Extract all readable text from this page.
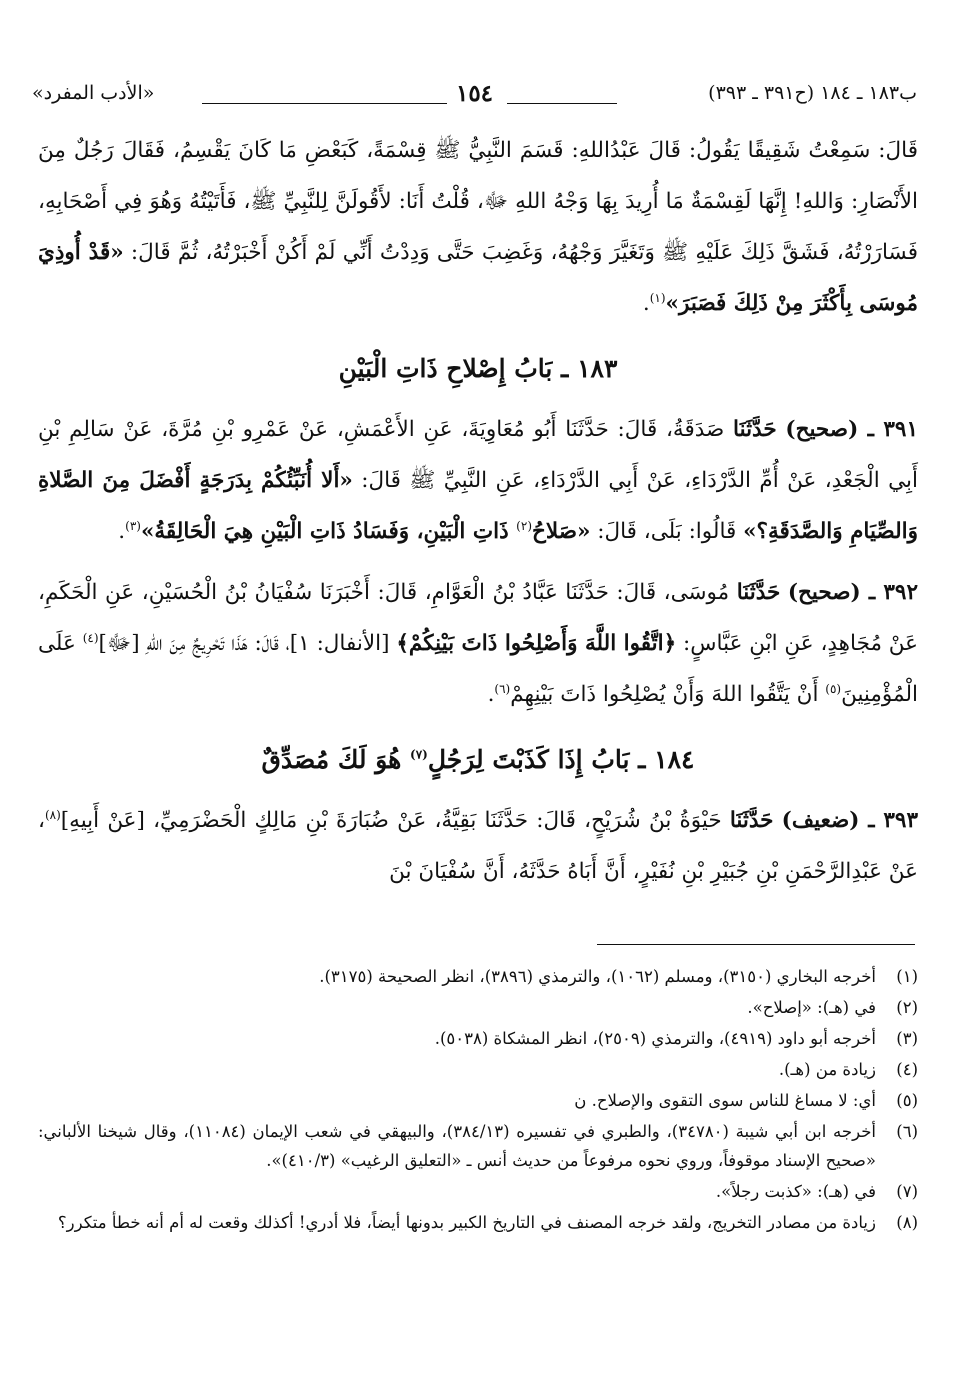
ب۱۸۳ ـ ۱۸٤ (ح۳۹۱ ـ ۳۹۳)
١٥٤
«الأدب المفرد»

قَالَ: سَمِعْتُ شَقِيقًا يَقُولُ: قَالَ عَبْدُاللهِ: قَسَمَ النَّبِيُّ ﷺ قِسْمَةً، كَبَعْضِ مَا كَانَ يَقْسِمُ، فَقَالَ رَجُلٌ مِنَ الأَنْصَارِ: وَاللهِ! إِنَّهَا لَقِسْمَةٌ مَا أُرِيدَ بِهَا وَجْهُ اللهِ ﷻ، قُلْتُ أَنَا: لأَقُولَنَّ لِلنَّبِيِّ ﷺ، فَأَتَيْتُهُ وَهُوَ فِي أَصْحَابِهِ، فَسَارَرْتُهُ، فَشَقَّ ذَلِكَ عَلَيْهِ ﷺ وَتَغَيَّرَ وَجْهُهُ، وَغَضِبَ حَتَّى وَدِدْتُ أَنِّي لَمْ أَكُنْ أَخْبَرْتُهُ، ثُمَّ قَالَ: «قَدْ أُوذِيَ مُوسَى بِأَكْثَرَ مِنْ ذَلِكَ فَصَبَرَ»$^{(١)}$.

١٨٣ ـ بَابُ إِصْلاحِ ذَاتِ الْبَيْنِ

٣٩١ ـ (صحيح) حَدَّثَنَا صَدَقَةُ، قَالَ: حَدَّثَنَا أَبُو مُعَاوِيَةَ، عَنِ الأَعْمَشِ، عَنْ عَمْرِو بْنِ مُرَّةَ، عَنْ سَالِمِ بْنِ أَبِي الْجَعْدِ، عَنْ أُمِّ الدَّرْدَاءِ، عَنْ أَبِي الدَّرْدَاءِ، عَنِ النَّبِيِّ ﷺ قَالَ: «أَلا أُنَبِّئُكُمْ بِدَرَجَةٍ أَفْضَلَ مِنَ الصَّلاةِ وَالصِّيَامِ وَالصَّدَقَةِ؟» قَالُوا: بَلَى، قَالَ: «صَلاحُ$^{(٢)}$ ذَاتِ الْبَيْنِ، وَفَسَادُ ذَاتِ الْبَيْنِ هِيَ الْحَالِقَةُ»$^{(٣)}$.

٣٩٢ ـ (صحيح) حَدَّثَنَا مُوسَى، قَالَ: حَدَّثَنَا عَبَّادُ بْنُ الْعَوَّامِ، قَالَ: أَخْبَرَنَا سُفْيَانُ بْنُ الْحُسَيْنِ، عَنِ الْحَكَمِ، عَنْ مُجَاهِدٍ، عَنِ ابْنِ عَبَّاسٍ: ﴿اتَّقُوا اللَّهَ وَأَصْلِحُوا ذَاتَ بَيْنِكُمْ﴾ [الأنفال: ١]، قَالَ: هَذَا تَحْرِيجٌ مِنَ اللهِ [ﷻ]$^{(٤)}$ عَلَى الْمُؤْمِنِينَ$^{(٥)}$ أَنْ يَتَّقُوا اللهَ وَأَنْ يُصْلِحُوا ذَاتَ بَيْنِهِمْ$^{(٦)}$.

١٨٤ ـ بَابُ إِذَا كَذَبْتَ لِرَجُلٍ$^{(٧)}$ هُوَ لَكَ مُصَدِّقٌ

٣٩٣ ـ (ضعيف) حَدَّثَنَا حَيْوَةُ بْنُ شُرَيْحٍ، قَالَ: حَدَّثَنَا بَقِيَّةُ، عَنْ ضُبَارَةَ بْنِ مَالِكٍ الْحَضْرَمِيِّ، [عَنْ أَبِيهِ]$^{(٨)}$، عَنْ عَبْدِالرَّحْمَنِ بْنِ جُبَيْرِ بْنِ نُفَيْرٍ، أَنَّ أَبَاهُ حَدَّثَهُ، أَنَّ سُفْيَانَ بْنَ

(١)
أخرجه البخاري (٣١٥٠)، ومسلم (١٠٦٢)، والترمذي (٣٨٩٦)، انظر الصحيحة (٣١٧٥).
(٢)
في (هـ): «إصلاح».
(٣)
أخرجه أبو داود (٤٩١٩)، والترمذي (٢٥٠٩)، انظر المشكاة (٥٠٣٨).
(٤)
زيادة من (هـ).
(٥)
أي: لا مساغ للناس سوى التقوى والإصلاح. ن
(٦)
أخرجه ابن أبي شيبة (٣٤٧٨٠)، والطبري في تفسيره (٣٨٤/١٣)، والبيهقي في شعب الإيمان (١١٠٨٤)، وقال شيخنا الألباني: «صحيح الإسناد موقوفاً، وروي نحوه مرفوعاً من حديث أنس ـ «التعليق الرغيب» (٤١٠/٣)».
(٧)
في (هـ): «كذبت رجلاً».
(٨)
زيادة من مصادر التخريج، ولقد خرجه المصنف في التاريخ الكبير بدونها أيضاً، فلا أدري! أكذلك وقعت له أم أنه خطأ متكرر؟
